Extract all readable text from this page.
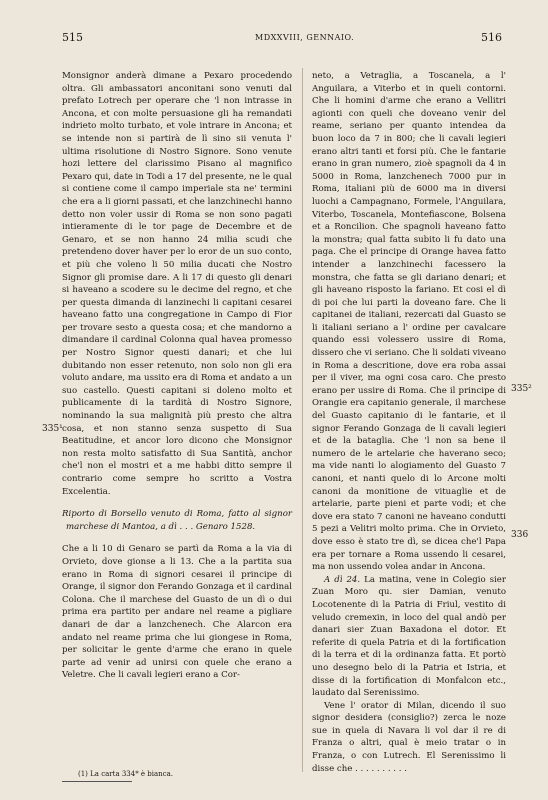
515	MDXXVIII, GENNAIO.	516

Monsignor anderà dimane a Pexaro procedendo oltra. Gli ambassatori anconitani sono venuti dal prefato Lotrech per operare che 'l non intrasse in Ancona, et con molte persuasione gli ha remandati indrieto molto turbato, et vole intrare in Ancona; et se intende non si partirà de lì sino sii venuta l' ultima risolutione di Nostro Signore. Sono venute hozi lettere del clarissimo Pisano al magnifico Pexaro qui, date in Todi a 17 del presente, ne le qual si contiene come il campo imperiale sta ne' termini che era a li giorni passati, et che lanzchinechi hanno detto non voler ussir di Roma se non sono pagati intieramente di le tor page de Decembre et de Genaro, et se non hanno 24 milia scudi che pretendeno dover haver per lo eror de un suo conto, et più che voleno li 50 milia ducati che Nostro Signor gli promise dare. A li 17 di questo gli denari si haveano a scodere su le decime del regno, et che per questa dimanda di lanzinechi li capitani cesarei haveano fatto una congregatione in Campo di Fior per trovare sesto a questa cosa; et che mandorno a dimandare il cardinal Colonna qual havea promesso per Nostro Signor questi danari; et che lui dubitando non esser retenuto, non solo non gli era voluto andare, ma ussito era di Roma et andato a un suo castello. Questi capitani si doleno molto et publicamente di la tardità di Nostro Signore, nominando la sua malignità più presto che altra cosa, et non stanno senza suspetto di Sua Beatitudine, et ancor loro dicono che Monsignor non resta molto satisfatto di Sua Santità, anchor che'l non el mostri et a me habbi ditto sempre il contrario come sempre ho scritto a Vostra Excelentia.

Riporto di Borsello venuto di Roma, fatto al signor marchese di Mantoa, a dì . . . Genaro 1528.

Che a li 10 di Genaro se partì da Roma a la via di Orvieto, dove gionse a li 13. Che a la partita sua erano in Roma di signori cesarei il principe di Orange, il signor don Ferando Gonzaga et il cardinal Colona. Che il marchese del Guasto de un dì o dui prima era partito per andare nel reame a pigliare danari de dar a lanzchenech. Che Alarcon era andato nel reame prima che lui giongese in Roma, per solicitar le gente d'arme che erano in quele parte ad venir ad unirsi con quele che erano a Veletre. Che li cavali legieri erano a Cor-

335¹

neto, a Vetraglia, a Toscanela, a l' Anguilara, a Viterbo et in queli contorni. Che li homini d'arme che erano a Vellitri agionti con queli che doveano venir del reame, seriano per quanto intendea da buon loco da 7 in 800; che li cavali legieri erano altri tanti et forsi più. Che le fantarie erano in gran numero, zioè spagnoli da 4 in 5000 in Roma, lanzchenech 7000 pur in Roma, italiani più de 6000 ma in diversi luochi a Campagnano, Formele, l'Anguilara, Viterbo, Toscanela, Montefiascone, Bolsena et a Roncilion. Che spagnoli haveano fatto la monstra; qual fatta subito li fu dato una paga. Che el principe di Orange havea fatto intender a lanzchinechi facessero la monstra, che fatta se gli dariano denari; et gli haveano risposto la fariano. Et cosi el dì di poi che lui parti la doveano fare. Che li capitanei de italiani, rezercati dal Guasto se li italiani seriano a l' ordine per cavalcare quando essi volessero ussire di Roma, dissero che vi seriano. Che li soldati viveano in Roma a descritione, dove era roba assai per il viver, ma ogni cosa caro. Che presto erano per ussire di Roma. Che il principe di Orangie era capitanio generale, il marchese del Guasto capitanio di le fantarie, et il signor Ferando Gonzaga de li cavali legieri et de la bataglia. Che 'l non sa bene il numero de le artelarie che haverano seco; ma vide nanti lo alogiamento del Guasto 7 canoni, et nanti quelo di lo Arcone molti canoni da monitione de vituaglie et de artelarie, parte pieni et parte vodi; et che dove era stato 7 canoni ne haveano condutti 5 pezi a Velitri molto prima. Che in Orvieto, dove esso è stato tre dì, se dicea che'l Papa era per tornare a Roma ussendo li cesarei, ma non ussendo volea andar in Ancona.

A dì 24. La matina, vene in Colegio sier Zuan Moro qu. sier Damian, venuto Locotenente di la Patria di Friul, vestito di veludo cremexin, in loco del qual andò per danari sier Zuan Baxadona el dotor. Et referite di quela Patria et di la fortification di la terra et di la ordinanza fatta. Et portò uno desegno belo di la Patria et Istria, et disse di la fortification di Monfalcon etc., laudato dal Serenissimo.

Vene l' orator di Milan, dicendo il suo signor desidera (consiglio?) zerca le noze sue in quela di Navara li vol dar il re di Franza o altri, qual è meio tratar o in Franza, o con Lutrech. El Serenissimo li disse che . . . . . . . . . .

335²
336
(1) La carta 334* è bianca.
